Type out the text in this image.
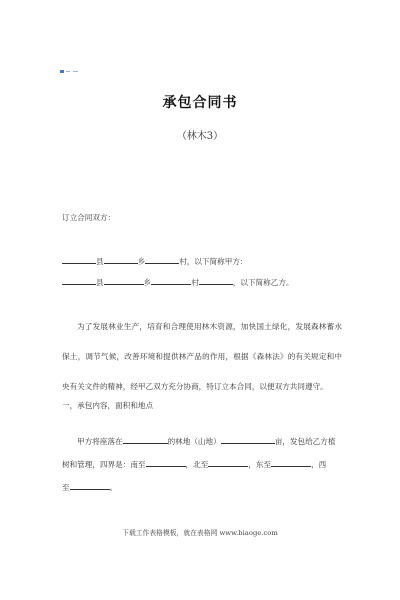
承包合同书
（林木3）
订立合同双方：
县	乡	村，以下简称甲方：
县	乡	村	，以下简称乙方。
为了发展林业生产，培育和合理使用林木资源，加快国土绿化，发展森林蓄水保土，调节气候，改善环境和提供林产品的作用，根据《森林法》的有关规定和中央有关文件的精神，经甲乙双方充分协商，特订立本合同，以便双方共同遵守。
一，承包内容，面积和地点
甲方将座落在	的林地（山地）	亩，发包给乙方植
树和管理，四界是：南至	，北至	，东至	，西
至	。
下载工作表格模板，就在表格网 www.biaoge.com
